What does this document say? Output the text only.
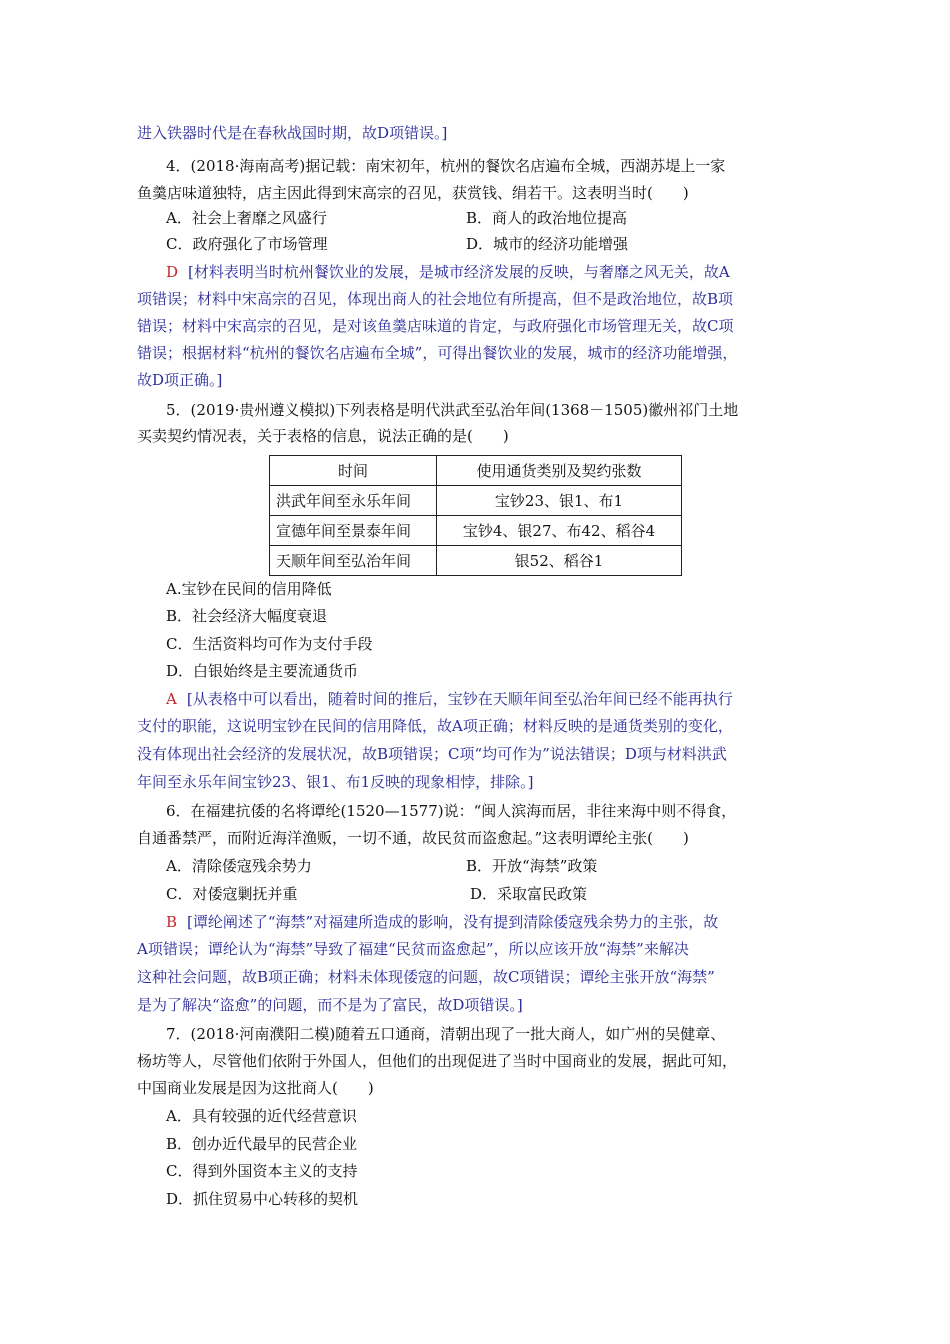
进入铁器时代是在春秋战国时期，故D项错误。]
4．(2018·海南高考)据记载：南宋初年，杭州的餐饮名店遍布全城，西湖苏堤上一家
鱼羹店味道独特，店主因此得到宋高宗的召见，获赏钱、绢若干。这表明当时(　　)
A．社会上奢靡之风盛行	B．商人的政治地位提高
C．政府强化了市场管理	D．城市的经济功能增强
D [材料表明当时杭州餐饮业的发展，是城市经济发展的反映，与奢靡之风无关，故A
项错误；材料中宋高宗的召见，体现出商人的社会地位有所提高，但不是政治地位，故B项
错误；材料中宋高宗的召见，是对该鱼羹店味道的肯定，与政府强化市场管理无关，故C项
错误；根据材料“杭州的餐饮名店遍布全城”，可得出餐饮业的发展，城市的经济功能增强，
故D项正确。]
5．(2019·贵州遵义模拟)下列表格是明代洪武至弘治年间(1368－1505)徽州祁门土地
买卖契约情况表，关于表格的信息，说法正确的是(　　)
时间	使用通货类别及契约张数
洪武年间至永乐年间	宝钞23、银1、布1
宣德年间至景泰年间	宝钞4、银27、布42、稻谷4
天顺年间至弘治年间	银52、稻谷1
A.宝钞在民间的信用降低
B．社会经济大幅度衰退
C．生活资料均可作为支付手段
D．白银始终是主要流通货币
A [从表格中可以看出，随着时间的推后，宝钞在天顺年间至弘治年间已经不能再执行
支付的职能，这说明宝钞在民间的信用降低，故A项正确；材料反映的是通货类别的变化，
没有体现出社会经济的发展状况，故B项错误；C项“均可作为”说法错误；D项与材料洪武
年间至永乐年间宝钞23、银1、布1反映的现象相悖，排除。]
6．在福建抗倭的名将谭纶(1520—1577)说：“闽人滨海而居，非往来海中则不得食，
自通番禁严，而附近海洋渔贩，一切不通，故民贫而盗愈起。”这表明谭纶主张(　　)
A．清除倭寇残余势力	B．开放“海禁”政策
C．对倭寇剿抚并重	D．采取富民政策
B [谭纶阐述了“海禁”对福建所造成的影响，没有提到清除倭寇残余势力的主张，故
A项错误；谭纶认为“海禁”导致了福建“民贫而盗愈起”，所以应该开放“海禁”来解决
这种社会问题，故B项正确；材料未体现倭寇的问题，故C项错误；谭纶主张开放“海禁”
是为了解决“盗愈”的问题，而不是为了富民，故D项错误。]
7．(2018·河南濮阳二模)随着五口通商，清朝出现了一批大商人，如广州的吴健章、
杨坊等人，尽管他们依附于外国人，但他们的出现促进了当时中国商业的发展，据此可知，
中国商业发展是因为这批商人(　　)
A．具有较强的近代经营意识
B．创办近代最早的民营企业
C．得到外国资本主义的支持
D．抓住贸易中心转移的契机
